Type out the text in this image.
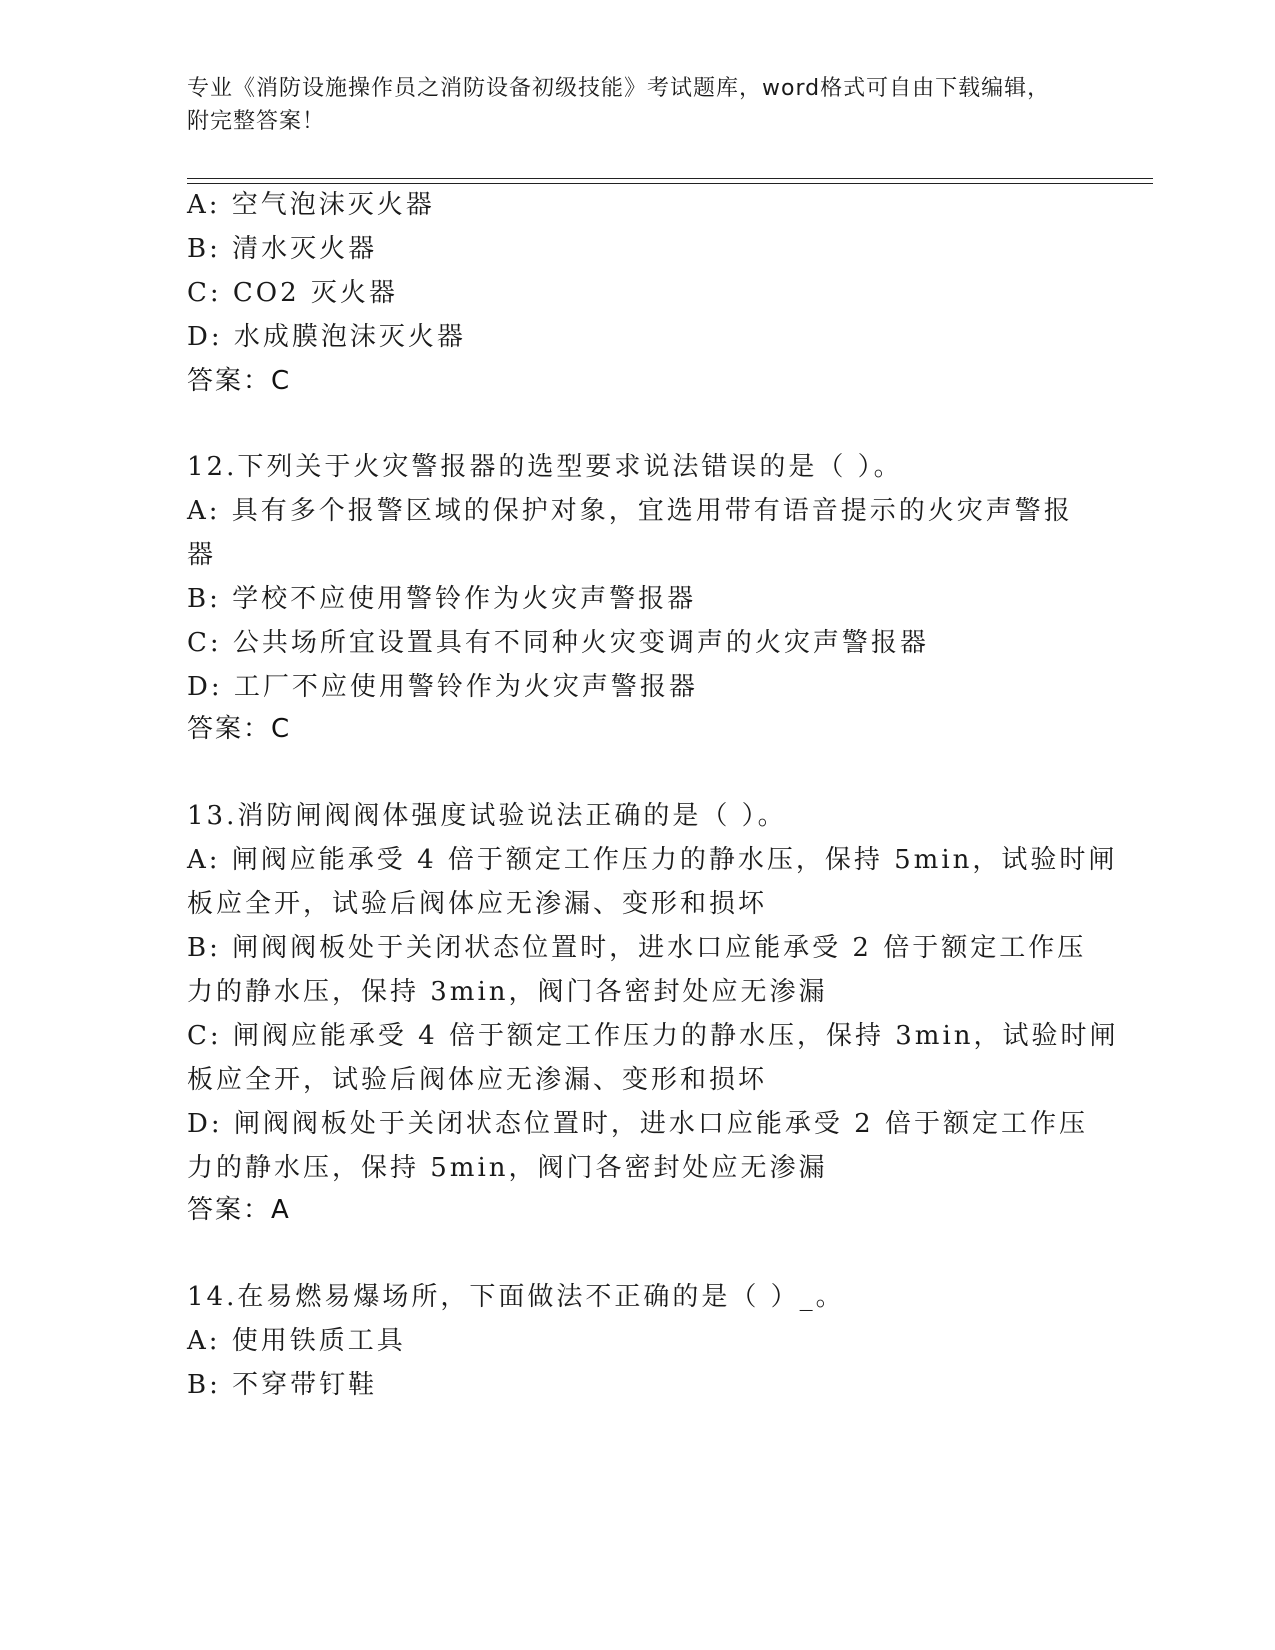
专业《消防设施操作员之消防设备初级技能》考试题库，word格式可自由下载编辑，附完整答案！
A: 空气泡沫灭火器
B: 清水灭火器
C: CO2 灭火器
D: 水成膜泡沫灭火器
答案：C
12.下列关于火灾警报器的选型要求说法错误的是（ ）。
A: 具有多个报警区域的保护对象，宜选用带有语音提示的火灾声警报
器
B: 学校不应使用警铃作为火灾声警报器
C: 公共场所宜设置具有不同种火灾变调声的火灾声警报器
D: 工厂不应使用警铃作为火灾声警报器
答案：C
13.消防闸阀阀体强度试验说法正确的是（ ）。
A: 闸阀应能承受 4 倍于额定工作压力的静水压，保持 5min，试验时闸
板应全开，试验后阀体应无渗漏、变形和损坏
B: 闸阀阀板处于关闭状态位置时，进水口应能承受 2 倍于额定工作压
力的静水压，保持 3min，阀门各密封处应无渗漏
C: 闸阀应能承受 4 倍于额定工作压力的静水压，保持 3min，试验时闸
板应全开，试验后阀体应无渗漏、变形和损坏
D: 闸阀阀板处于关闭状态位置时，进水口应能承受 2 倍于额定工作压
力的静水压，保持 5min，阀门各密封处应无渗漏
答案：A
14.在易燃易爆场所，下面做法不正确的是（ ）_。
A: 使用铁质工具
B: 不穿带钉鞋
